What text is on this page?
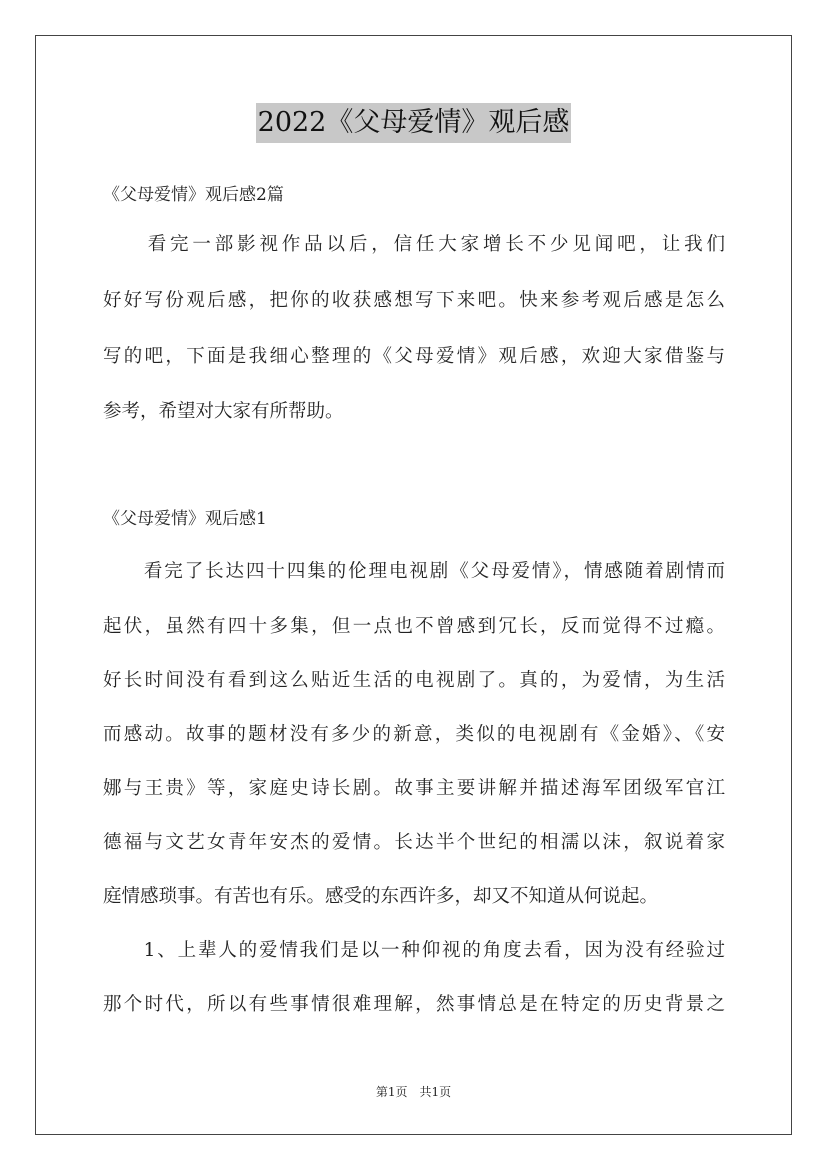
2022《父母爱情》观后感
《父母爱情》观后感2篇
　　看完一部影视作品以后，信任大家增长不少见闻吧，让我们
好好写份观后感，把你的收获感想写下来吧。快来参考观后感是怎么
写的吧，下面是我细心整理的《父母爱情》观后感，欢迎大家借鉴与
参考，希望对大家有所帮助。
《父母爱情》观后感1
　　看完了长达四十四集的伦理电视剧《父母爱情》，情感随着剧情而
起伏，虽然有四十多集，但一点也不曾感到冗长，反而觉得不过瘾。
好长时间没有看到这么贴近生活的电视剧了。真的，为爱情，为生活
而感动。故事的题材没有多少的新意，类似的电视剧有《金婚》、《安
娜与王贵》等，家庭史诗长剧。故事主要讲解并描述海军团级军官江
德福与文艺女青年安杰的爱情。长达半个世纪的相濡以沫，叙说着家
庭情感琐事。有苦也有乐。感受的东西许多，却又不知道从何说起。
　　1、上辈人的爱情我们是以一种仰视的角度去看，因为没有经验过
那个时代，所以有些事情很难理解，然事情总是在特定的历史背景之
第1页　共1页
